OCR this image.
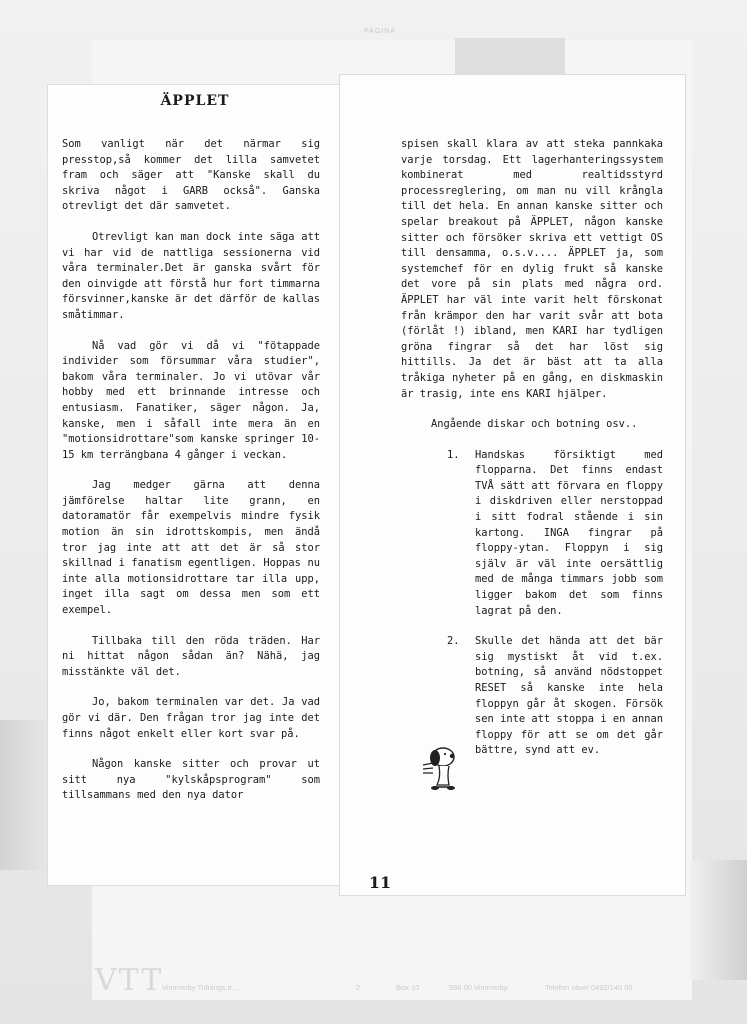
PAGINA
ÄPPLET

Som vanligt när det närmar sig presstop,så kommer det lilla samvetet fram och säger att "Kanske skall du skriva något i GARB också". Ganska otrevligt det där samvetet.

Otrevligt kan man dock inte säga att vi har vid de nattliga sessionerna vid våra terminaler.Det är ganska svårt för den oinvigde att förstå hur fort timmarna försvinner,kanske är det därför de kallas småtimmar.

Nå vad gör vi då vi "fötappade individer som försummar våra studier", bakom våra terminaler. Jo vi utövar vår hobby med ett brinnande intresse och entusiasm. Fanatiker, säger någon. Ja, kanske, men i såfall inte mera än en "motionsidrottare"som kanske springer 10-15 km terrängbana 4 gånger i veckan.

Jag medger gärna att denna jämförelse haltar lite grann, en datoramatör får exempelvis mindre fysik motion än sin idrottskompis, men ändå tror jag inte att att det är så stor skillnad i fanatism egentligen. Hoppas nu inte alla motionsidrottare tar illa upp, inget illa sagt om dessa men som ett exempel.

Tillbaka till den röda träden. Har ni hittat någon sådan än? Nähä, jag misstänkte väl det.

Jo, bakom terminalen var det. Ja vad gör vi där. Den frågan tror jag inte det finns något enkelt eller kort svar på.

Någon kanske sitter och provar ut sitt nya "kylskåpsprogram" som tillsammans med den nya dator

spisen skall klara av att steka pannkaka varje torsdag. Ett lagerhanteringssystem kombinerat med realtidsstyrd processreglering, om man nu vill krångla till det hela. En annan kanske sitter och spelar breakout på ÄPPLET, någon kanske sitter och försöker skriva ett vettigt OS till densamma, o.s.v.... ÄPPLET ja, som systemchef för en dylig frukt så kanske det vore på sin plats med några ord. ÄPPLET har väl inte varit helt förskonat från krämpor den har varit svår att bota (förlåt !) ibland, men KARI har tydligen gröna fingrar så det har löst sig hittills. Ja det är bäst att ta alla tråkiga nyheter på en gång, en diskmaskin är trasig, inte ens KARI hjälper.

Angående diskar och botning osv..

1. Handskas försiktigt med flopparna. Det finns endast TVÅ sätt att förvara en floppy i diskdriven eller nerstoppad i sitt fodral stående i sin kartong. INGA fingrar på floppy-ytan. Floppyn i sig själv är väl inte oersättlig med de många timmars jobb som ligger bakom det som finns lagrat på den.
2. Skulle det hända att det bär sig mystiskt åt vid t.ex. botning, så använd nödstoppet RESET så kanske inte hela floppyn går åt skogen. Försök sen inte att stoppa i en annan floppy för att se om det går bättre, synd att ev.
11
VTT
Vimmerby Tidnings tr...	2	Box 10	598 00 Vimmerby	Telefon växel 0492/140 00
